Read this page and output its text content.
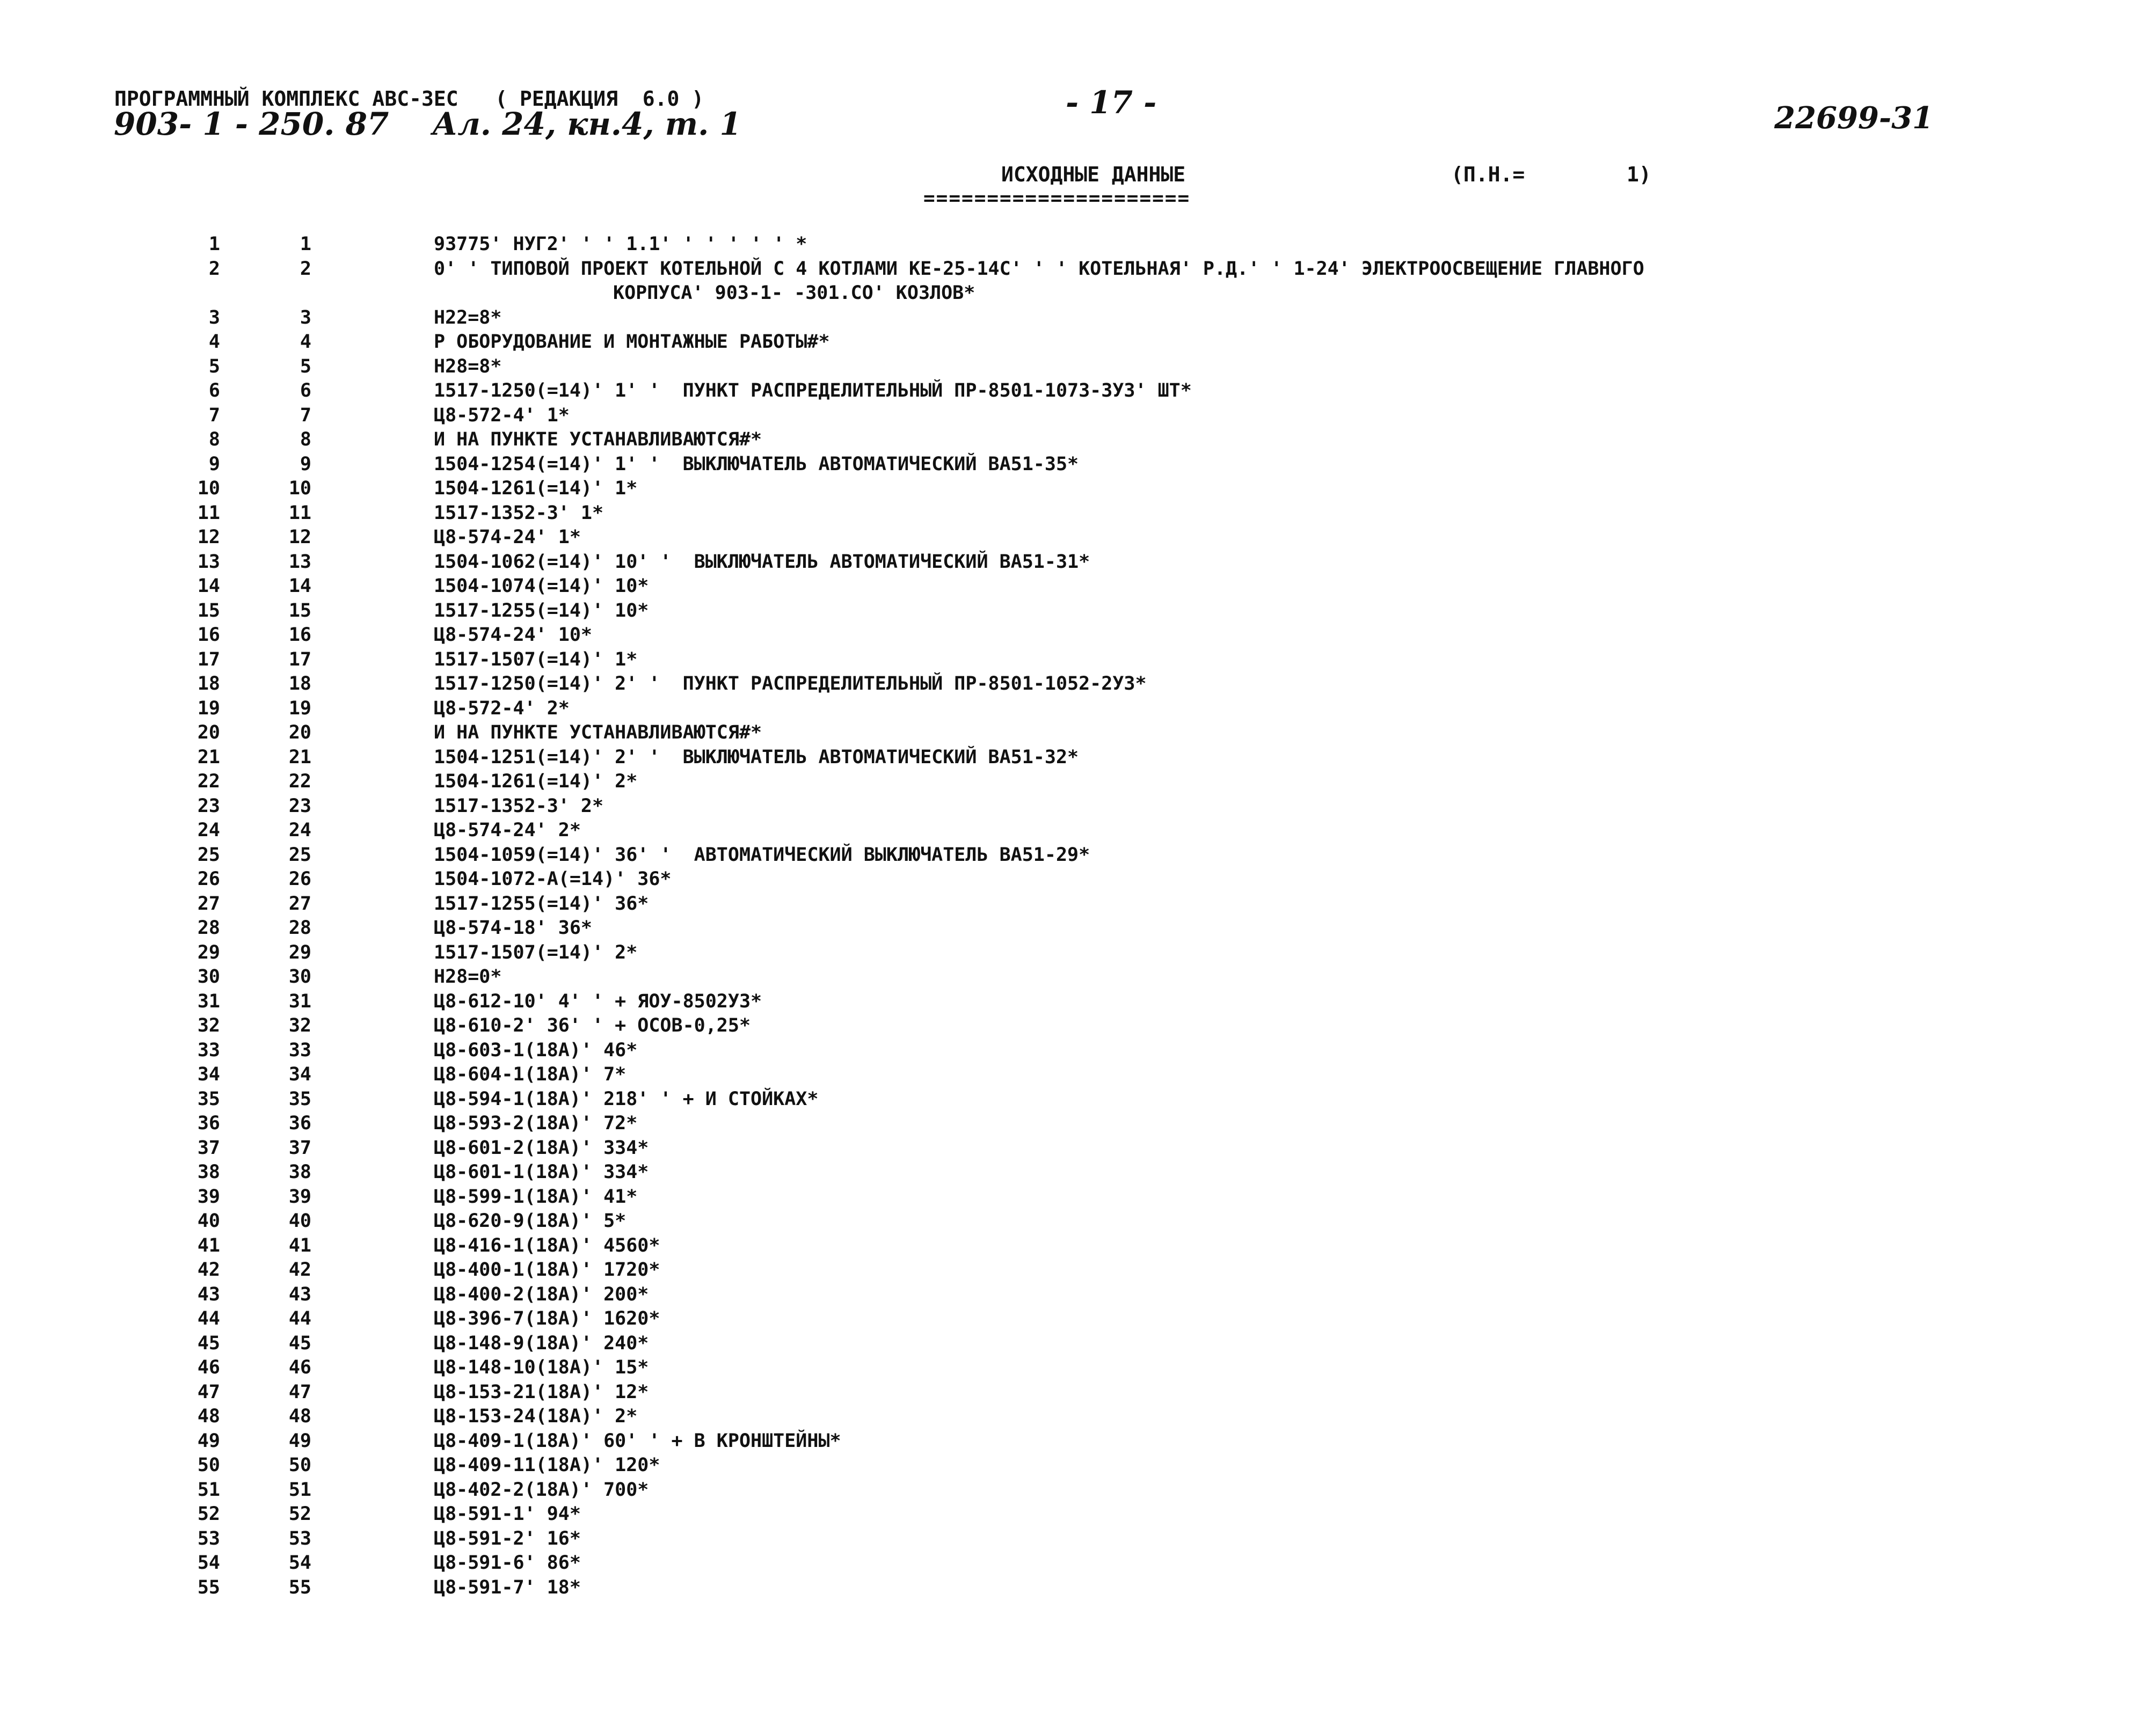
ПРОГРАММНЫЙ КОМПЛЕКС АВС-ЗЕС   ( РЕДАКЦИЯ  6.0 )
903- 1 - 250. 87    Ал. 24, кн.4, т. 1
- 17 -	22699-31
ИСХОДНЫЕ ДАННЫЕ
=====================
(П.Н.=	1)
1	1	93775' НУГ2' ' ' 1.1' ' ' ' ' ' *
2	2	0' ' ТИПОВОЙ ПРОЕКТ КОТЕЛЬНОЙ С 4 КОТЛАМИ КЕ-25-14С' ' ' КОТЕЛЬНАЯ' Р.Д.' ' 1-24' ЭЛЕКТРООСВЕЩЕНИЕ ГЛАВНОГО
КОРПУСА' 903-1- -301.СО' КОЗЛОВ*
3	3	Н22=8*
4	4	Р ОБОРУДОВАНИЕ И МОНТАЖНЫЕ РАБОТЫ#*
5	5	Н28=8*
6	6	1517-1250(=14)' 1' '  ПУНКТ РАСПРЕДЕЛИТЕЛЬНЫЙ ПР-8501-1073-3У3' ШТ*
7	7	Ц8-572-4' 1*
8	8	И НА ПУНКТЕ УСТАНАВЛИВАЮТСЯ#*
9	9	1504-1254(=14)' 1' '  ВЫКЛЮЧАТЕЛЬ АВТОМАТИЧЕСКИЙ ВА51-35*
10	10	1504-1261(=14)' 1*
11	11	1517-1352-3' 1*
12	12	Ц8-574-24' 1*
13	13	1504-1062(=14)' 10' '  ВЫКЛЮЧАТЕЛЬ АВТОМАТИЧЕСКИЙ ВА51-31*
14	14	1504-1074(=14)' 10*
15	15	1517-1255(=14)' 10*
16	16	Ц8-574-24' 10*
17	17	1517-1507(=14)' 1*
18	18	1517-1250(=14)' 2' '  ПУНКТ РАСПРЕДЕЛИТЕЛЬНЫЙ ПР-8501-1052-2У3*
19	19	Ц8-572-4' 2*
20	20	И НА ПУНКТЕ УСТАНАВЛИВАЮТСЯ#*
21	21	1504-1251(=14)' 2' '  ВЫКЛЮЧАТЕЛЬ АВТОМАТИЧЕСКИЙ ВА51-32*
22	22	1504-1261(=14)' 2*
23	23	1517-1352-3' 2*
24	24	Ц8-574-24' 2*
25	25	1504-1059(=14)' 36' '  АВТОМАТИЧЕСКИЙ ВЫКЛЮЧАТЕЛЬ ВА51-29*
26	26	1504-1072-А(=14)' 36*
27	27	1517-1255(=14)' 36*
28	28	Ц8-574-18' 36*
29	29	1517-1507(=14)' 2*
30	30	Н28=0*
31	31	Ц8-612-10' 4' ' + ЯОУ-8502У3*
32	32	Ц8-610-2' 36' ' + ОСОВ-0,25*
33	33	Ц8-603-1(18А)' 46*
34	34	Ц8-604-1(18А)' 7*
35	35	Ц8-594-1(18А)' 218' ' + И СТОЙКАХ*
36	36	Ц8-593-2(18А)' 72*
37	37	Ц8-601-2(18А)' 334*
38	38	Ц8-601-1(18А)' 334*
39	39	Ц8-599-1(18А)' 41*
40	40	Ц8-620-9(18А)' 5*
41	41	Ц8-416-1(18А)' 4560*
42	42	Ц8-400-1(18А)' 1720*
43	43	Ц8-400-2(18А)' 200*
44	44	Ц8-396-7(18А)' 1620*
45	45	Ц8-148-9(18А)' 240*
46	46	Ц8-148-10(18А)' 15*
47	47	Ц8-153-21(18А)' 12*
48	48	Ц8-153-24(18А)' 2*
49	49	Ц8-409-1(18А)' 60' ' + В КРОНШТЕЙНЫ*
50	50	Ц8-409-11(18А)' 120*
51	51	Ц8-402-2(18А)' 700*
52	52	Ц8-591-1' 94*
53	53	Ц8-591-2' 16*
54	54	Ц8-591-6' 86*
55	55	Ц8-591-7' 18*
